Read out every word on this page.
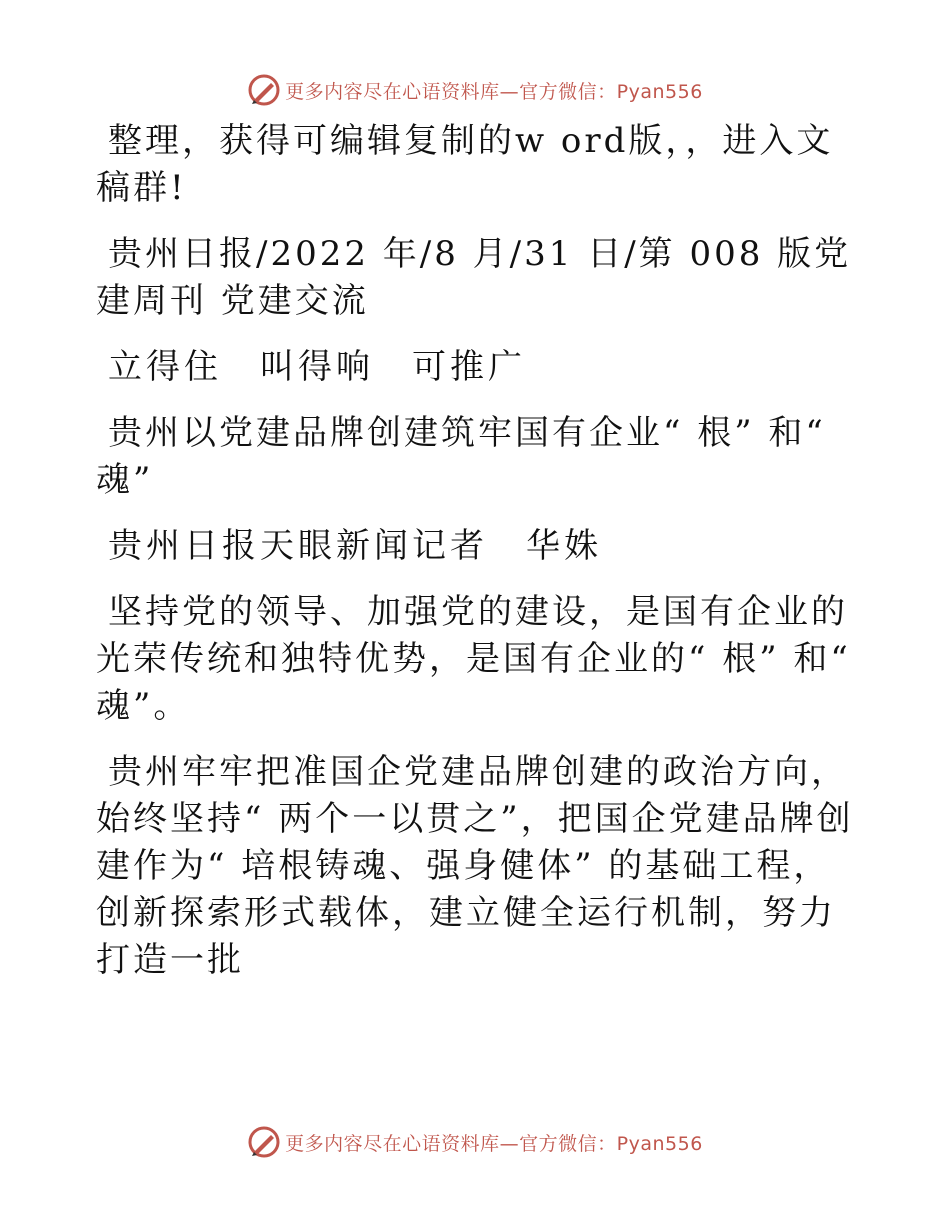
更多内容尽在心语资料库—官方微信：Pyan556

整理，获得可编辑复制的w ord版，，进入文稿群!

贵州日报/2022 年/8 月/31 日/第 008 版党建周刊 党建交流

立得住　叫得响　可推广

贵州以党建品牌创建筑牢国有企业“ 根” 和“ 魂”

贵州日报天眼新闻记者　华姝

坚持党的领导、加强党的建设，是国有企业的光荣传统和独特优势，是国有企业的“ 根” 和“ 魂”。

贵州牢牢把准国企党建品牌创建的政治方向，始终坚持“ 两个一以贯之”，把国企党建品牌创建作为“ 培根铸魂、强身健体” 的基础工程，创新探索形式载体，建立健全运行机制，努力打造一批

更多内容尽在心语资料库—官方微信：Pyan556
